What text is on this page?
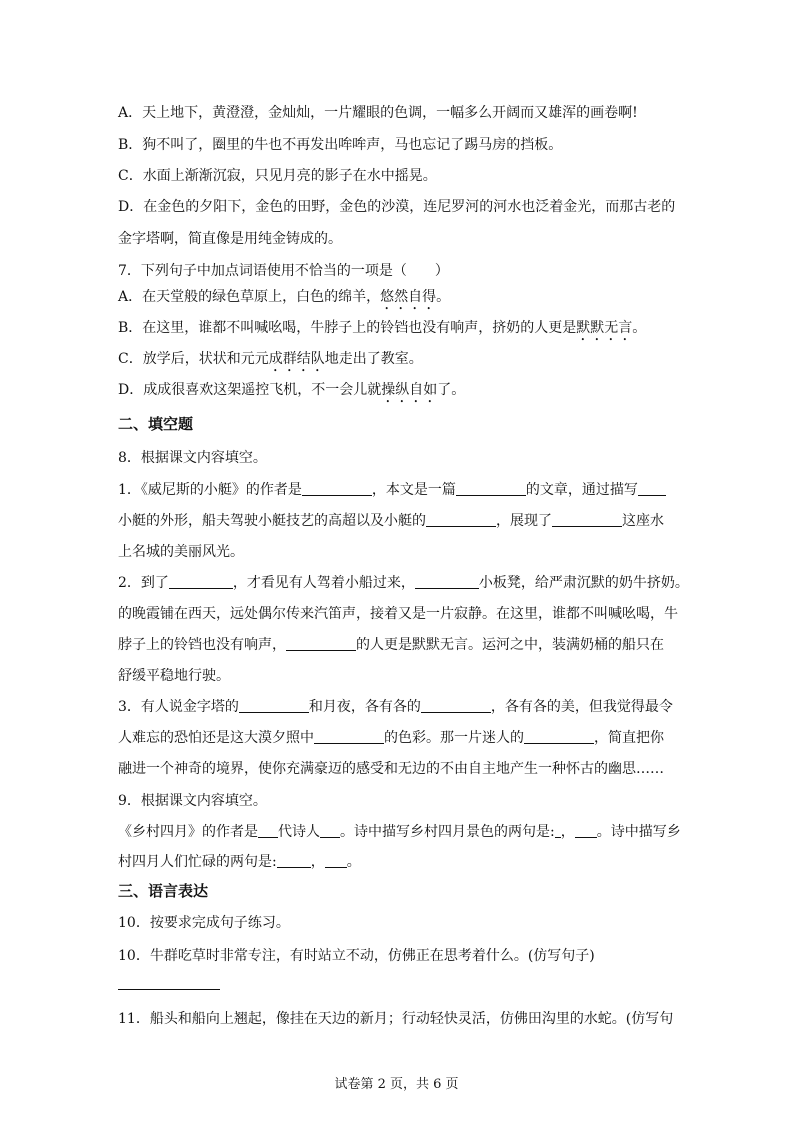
A．天上地下，黄澄澄，金灿灿，一片耀眼的色调，一幅多么开阔而又雄浑的画卷啊!
B．狗不叫了，圈里的牛也不再发出哞哞声，马也忘记了踢马房的挡板。
C．水面上渐渐沉寂，只见月亮的影子在水中摇晃。
D．在金色的夕阳下，金色的田野，金色的沙漠，连尼罗河的河水也泛着金光，而那古老的
金字塔啊，简直像是用纯金铸成的。
7．下列句子中加点词语使用不恰当的一项是（　　）
A．在天堂般的绿色草原上，白色的绵羊，悠然自得。
B．在这里，谁都不叫喊吆喝，牛脖子上的铃铛也没有响声，挤奶的人更是默默无言。
C．放学后，状状和元元成群结队地走出了教室。
D．成成很喜欢这架遥控飞机，不一会儿就操纵自如了。
二、填空题
8．根据课文内容填空。
1．《威尼斯的小艇》的作者是	，本文是一篇	的文章，通过描写
小艇的外形，船夫驾驶小艇技艺的高超以及小艇的	，展现了	这座水
上名城的美丽风光。
2．到了	，才看见有人驾着小船过来，	小板凳，给严肃沉默的奶牛挤奶。
的晚霞铺在西天，远处偶尔传来汽笛声，接着又是一片寂静。在这里，谁都不叫喊吆喝，牛
脖子上的铃铛也没有响声，	的人更是默默无言。运河之中，装满奶桶的船只在
舒缓平稳地行驶。
3．有人说金字塔的	和月夜，各有各的	，各有各的美，但我觉得最令
人难忘的恐怕还是这大漠夕照中	的色彩。那一片迷人的	，简直把你
融进一个神奇的境界，使你充满豪迈的感受和无边的不由自主地产生一种怀古的幽思……
9．根据课文内容填空。
《乡村四月》的作者是 代诗人 。诗中描写乡村四月景色的两句是: ， 。诗中描写乡
村四月人们忙碌的两句是: ， 。
三、语言表达
10．按要求完成句子练习。
10．牛群吃草时非常专注，有时站立不动，仿佛正在思考着什么。(仿写句子)
11．船头和船向上翘起，像挂在天边的新月；行动轻快灵活，仿佛田沟里的水蛇。(仿写句
试卷第 2 页，共 6 页
